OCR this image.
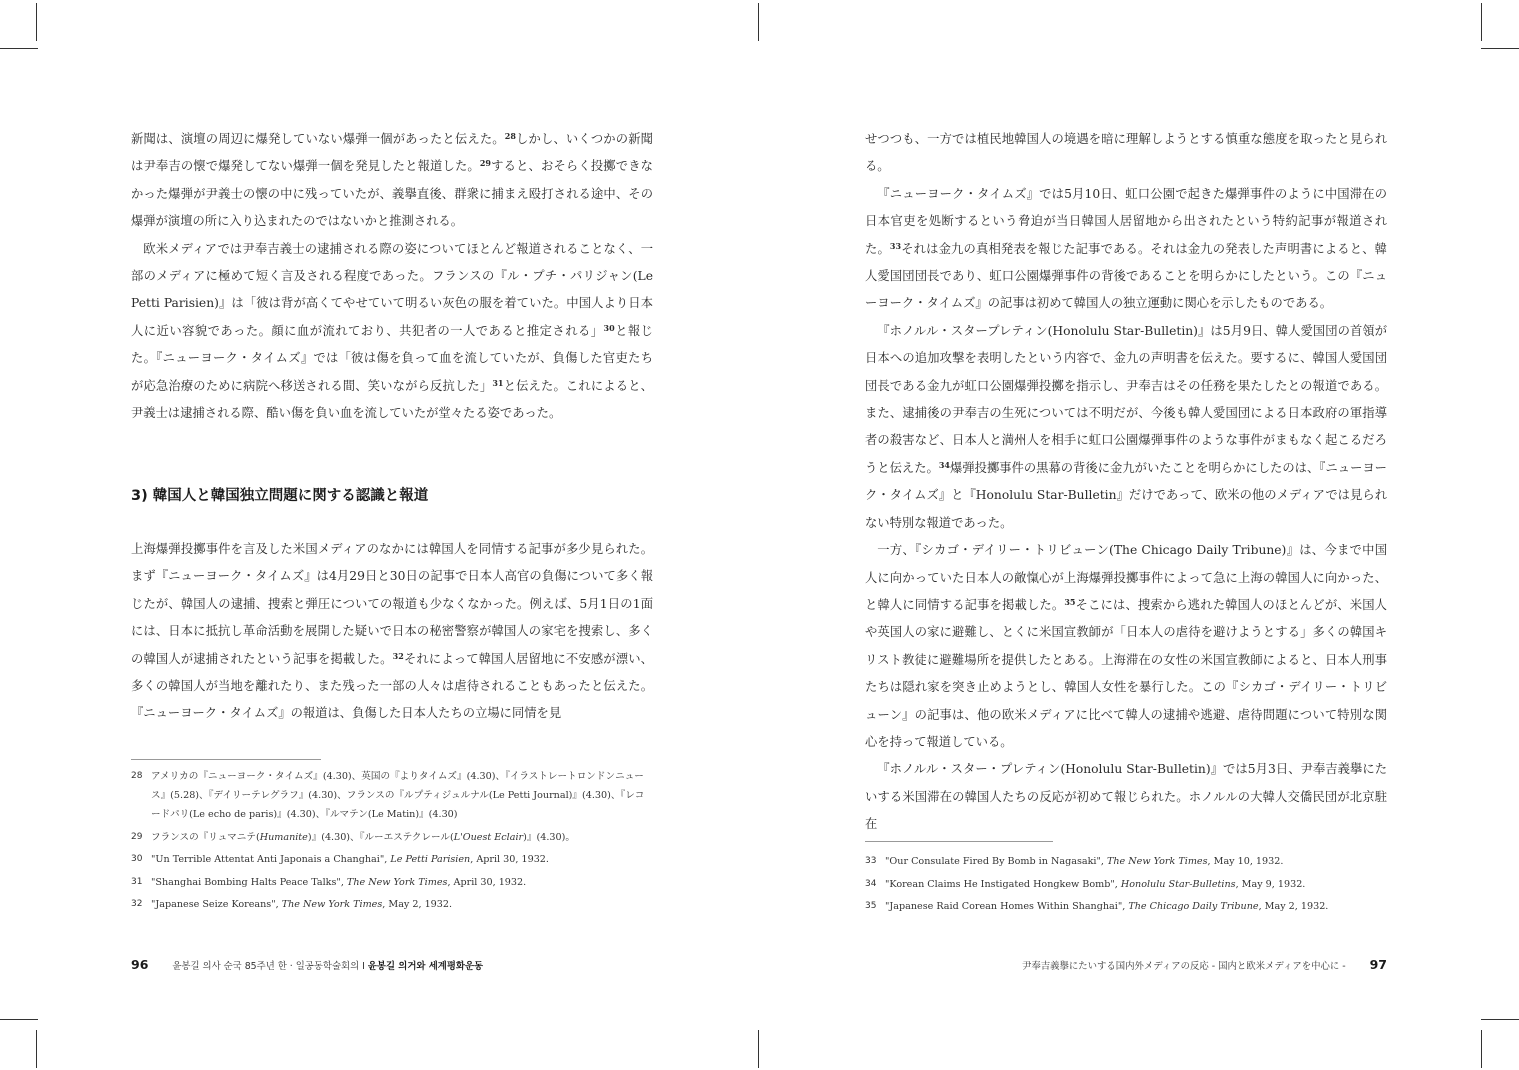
新聞は、演壇の周辺に爆発していない爆弾一個があったと伝えた。$^{28}$しかし、いくつかの新聞は尹奉吉の懐で爆発してない爆弾一個を発見したと報道した。$^{29}$すると、おそらく投擲できなかった爆弾が尹義士の懐の中に残っていたが、義擧直後、群衆に捕まえ殴打される途中、その爆弾が演壇の所に入り込まれたのではないかと推測される。

欧米メディアでは尹奉吉義士の逮捕される際の姿についてほとんど報道されることなく、一部のメディアに極めて短く言及される程度であった。フランスの『ル・プチ・パリジャン(Le Petti Parisien)』は「彼は背が高くてやせていて明るい灰色の服を着ていた。中国人より日本人に近い容貌であった。顔に血が流れており、共犯者の一人であると推定される」$^{30}$と報じた。『ニューヨーク・タイムズ』では「彼は傷を負って血を流していたが、負傷した官吏たちが応急治療のために病院へ移送される間、笑いながら反抗した」$^{31}$と伝えた。これによると、尹義士は逮捕される際、酷い傷を負い血を流していたが堂々たる姿であった。

3) 韓国人と韓国独立問題に関する認識と報道

上海爆弾投擲事件を言及した米国メディアのなかには韓国人を同情する記事が多少見られた。まず『ニューヨーク・タイムズ』は4月29日と30日の記事で日本人高官の負傷について多く報じたが、韓国人の逮捕、捜索と弾圧についての報道も少なくなかった。例えば、5月1日の1面には、日本に抵抗し革命活動を展開した疑いで日本の秘密警察が韓国人の家宅を捜索し、多くの韓国人が逮捕されたという記事を掲載した。$^{32}$それによって韓国人居留地に不安感が漂い、多くの韓国人が当地を離れたり、また残った一部の人々は虐待されることもあったと伝えた。『ニューヨーク・タイムズ』の報道は、負傷した日本人たちの立場に同情を見

28 アメリカの『ニューヨーク・タイムズ』(4.30)、英国の『よりタイムズ』(4.30)、『イラストレートロンドンニュース』(5.28)、『デイリーテレグラフ』(4.30)、フランスの『ルプティジュルナル(Le Petti Journal)』(4.30)、『レコードパリ(Le echo de paris)』(4.30)、『ルマテン(Le Matin)』(4.30)
29 フランスの『リュマニテ(Humanite)』(4.30)、『ルーエステクレール(L'Ouest Eclair)』(4.30)。
30 "Un Terrible Attentat Anti Japonais a Changhai", Le Petti Parisien, April 30, 1932.
31 "Shanghai Bombing Halts Peace Talks", The New York Times, April 30, 1932.
32 "Japanese Seize Koreans", The New York Times, May 2, 1932.
96	윤봉길 의사 순국 85주년 한 · 일공동학술회의 I 윤봉길 의거와 세계평화운동

せつつも、一方では植民地韓国人の境遇を暗に理解しようとする慎重な態度を取ったと見られる。

『ニューヨーク・タイムズ』では5月10日、虹口公園で起きた爆弾事件のように中国滞在の日本官吏を処断するという脅迫が当日韓国人居留地から出されたという特約記事が報道された。$^{33}$それは金九の真相発表を報じた記事である。それは金九の発表した声明書によると、韓人愛国団団長であり、虹口公園爆弾事件の背後であることを明らかにしたという。この『ニューヨーク・タイムズ』の記事は初めて韓国人の独立運動に関心を示したものである。

『ホノルル・スタープレティン(Honolulu Star-Bulletin)』は5月9日、韓人愛国団の首領が日本への追加攻撃を表明したという内容で、金九の声明書を伝えた。要するに、韓国人愛国団団長である金九が虹口公園爆弾投擲を指示し、尹奉吉はその任務を果たしたとの報道である。また、逮捕後の尹奉吉の生死については不明だが、今後も韓人愛国団による日本政府の軍指導者の殺害など、日本人と満州人を相手に虹口公園爆弾事件のような事件がまもなく起こるだろうと伝えた。$^{34}$爆弾投擲事件の黒幕の背後に金九がいたことを明らかにしたのは、『ニューヨーク・タイムズ』と『Honolulu Star-Bulletin』だけであって、欧米の他のメディアでは見られない特別な報道であった。

一方、『シカゴ・デイリー・トリビューン(The Chicago Daily Tribune)』は、今まで中国人に向かっていた日本人の敵愾心が上海爆弾投擲事件によって急に上海の韓国人に向かった、と韓人に同情する記事を掲載した。$^{35}$そこには、捜索から逃れた韓国人のほとんどが、米国人や英国人の家に避難し、とくに米国宣教師が「日本人の虐待を避けようとする」多くの韓国キリスト教徒に避難場所を提供したとある。上海滞在の女性の米国宣教師によると、日本人刑事たちは隠れ家を突き止めようとし、韓国人女性を暴行した。この『シカゴ・デイリー・トリビューン』の記事は、他の欧米メディアに比べて韓人の逮捕や逃避、虐待問題について特別な関心を持って報道している。

『ホノルル・スター・プレティン(Honolulu Star-Bulletin)』では5月3日、尹奉吉義擧にたいする米国滞在の韓国人たちの反応が初めて報じられた。ホノルルの大韓人交僑民団が北京駐在

33 "Our Consulate Fired By Bomb in Nagasaki", The New York Times, May 10, 1932.
34 "Korean Claims He Instigated Hongkew Bomb", Honolulu Star-Bulletins, May 9, 1932.
35 "Japanese Raid Corean Homes Within Shanghai", The Chicago Daily Tribune, May 2, 1932.
尹奉吉義擧にたいする国内外メディアの反応 - 国内と欧米メディアを中心に - 97
